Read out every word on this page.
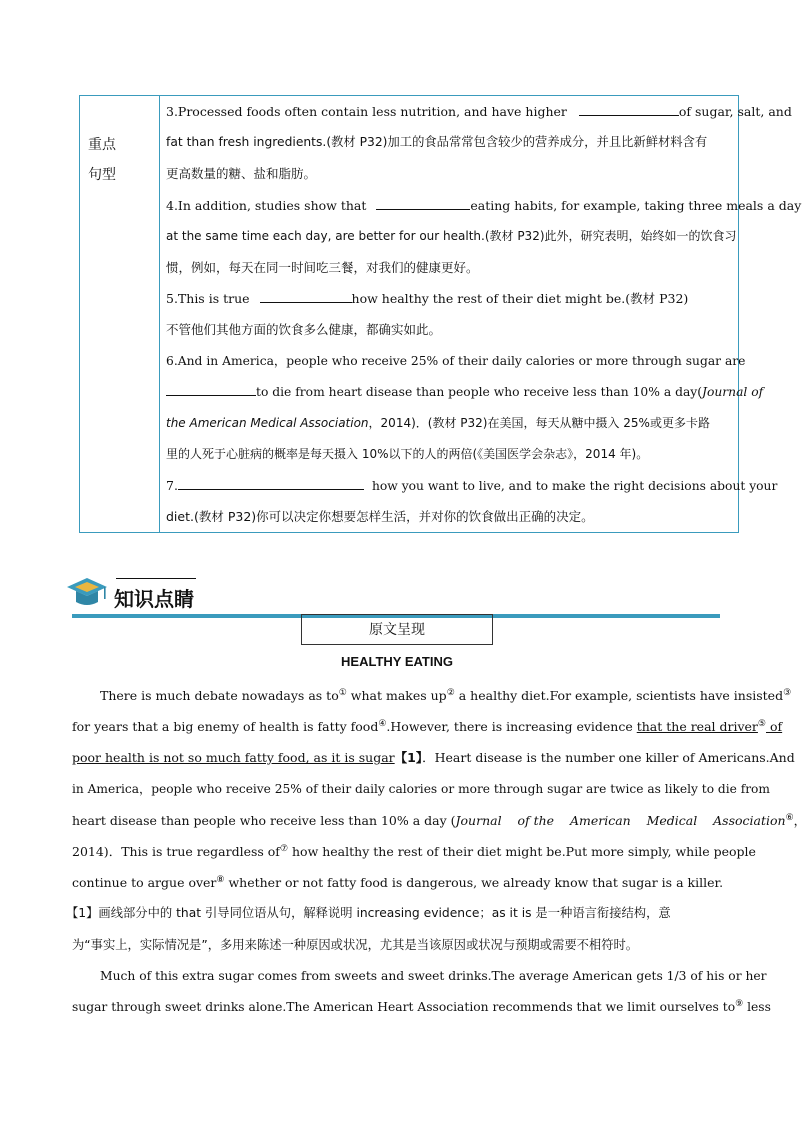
重点
句型
3.Processed foods often contain less nutrition, and have higher	of sugar, salt, and
fat than fresh ingredients.(教材 P32)加工的食品常常包含较少的营养成分，并且比新鲜材料含有
更高数量的糖、盐和脂肪。
4.In addition, studies show that	eating habits, for example, taking three meals a day
at the same time each day, are better for our health.(教材 P32)此外，研究表明，始终如一的饮食习
惯，例如，每天在同一时间吃三餐，对我们的健康更好。
5.This is true	how healthy the rest of their diet might be.(教材 P32)
不管他们其他方面的饮食多么健康，都确实如此。
6.And in America，people who receive 25% of their daily calories or more through sugar are
to die from heart disease than people who receive less than 10% a day(Journal of
the American Medical Association，2014)．(教材 P32)在美国，每天从糖中摄入 25%或更多卡路
里的人死于心脏病的概率是每天摄入 10%以下的人的两倍(《美国医学会杂志》，2014 年)。
7.	how you want to live, and to make the right decisions about your
diet.(教材 P32)你可以决定你想要怎样生活，并对你的饮食做出正确的决定。
知识点睛
原文呈现
HEALTHY EATING
There is much debate nowadays as to① what makes up② a healthy diet.For example, scientists have insisted③
for years that a big enemy of health is fatty food④.However, there is increasing evidence that the real driver⑤ of
poor health is not so much fatty food, as it is sugar【1】．Heart disease is the number one killer of Americans.And
in America，people who receive 25% of their daily calories or more through sugar are twice as likely to die from
heart disease than people who receive less than 10% a day (Journal    of the    American    Medical    Association⑥，
2014)．This is true regardless of⑦ how healthy the rest of their diet might be.Put more simply, while people
continue to argue over⑧ whether or not fatty food is dangerous, we already know that sugar is a killer.
【1】画线部分中的 that 引导同位语从句，解释说明 increasing evidence；as it is 是一种语言衔接结构，意
为“事实上，实际情况是”，多用来陈述一种原因或状况，尤其是当该原因或状况与预期或需要不相符时。
Much of this extra sugar comes from sweets and sweet drinks.The average American gets 1/3 of his or her
sugar through sweet drinks alone.The American Heart Association recommends that we limit ourselves to⑨ less
